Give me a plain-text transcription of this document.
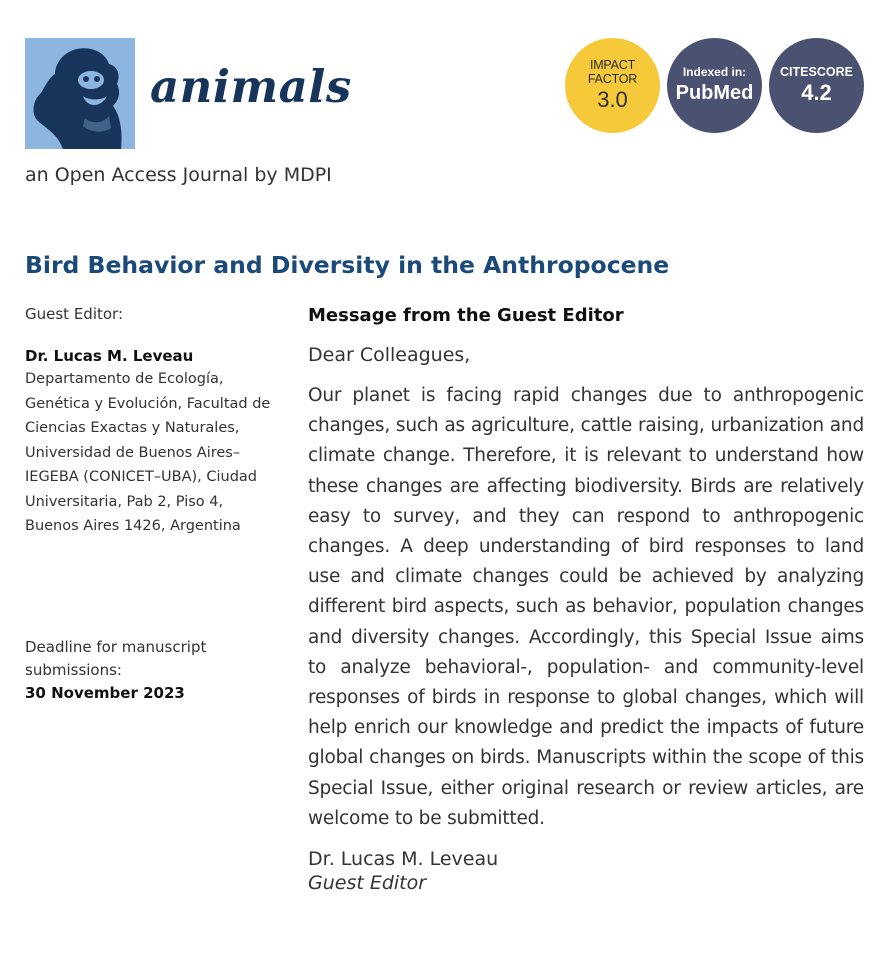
animals
an Open Access Journal by MDPI
IMPACT
FACTOR
3.0
Indexed in:
PubMed
CITESCORE
4.2
Bird Behavior and Diversity in the Anthropocene
Guest Editor:
Dr. Lucas M. Leveau
Departamento de Ecología, Genética y Evolución, Facultad de Ciencias Exactas y Naturales, Universidad de Buenos Aires–IEGEBA (CONICET–UBA), Ciudad Universitaria, Pab 2, Piso 4, Buenos Aires 1426, Argentina
Deadline for manuscript submissions:
30 November 2023
Message from the Guest Editor
Dear Colleagues,
Our planet is facing rapid changes due to anthropogenic changes, such as agriculture, cattle raising, urbanization and climate change. Therefore, it is relevant to understand how these changes are affecting biodiversity. Birds are relatively easy to survey, and they can respond to anthropogenic changes. A deep understanding of bird responses to land use and climate changes could be achieved by analyzing different bird aspects, such as behavior, population changes and diversity changes. Accordingly, this Special Issue aims to analyze behavioral-, population- and community-level responses of birds in response to global changes, which will help enrich our knowledge and predict the impacts of future global changes on birds. Manuscripts within the scope of this Special Issue, either original research or review articles, are welcome to be submitted.
Dr. Lucas M. Leveau
Guest Editor
